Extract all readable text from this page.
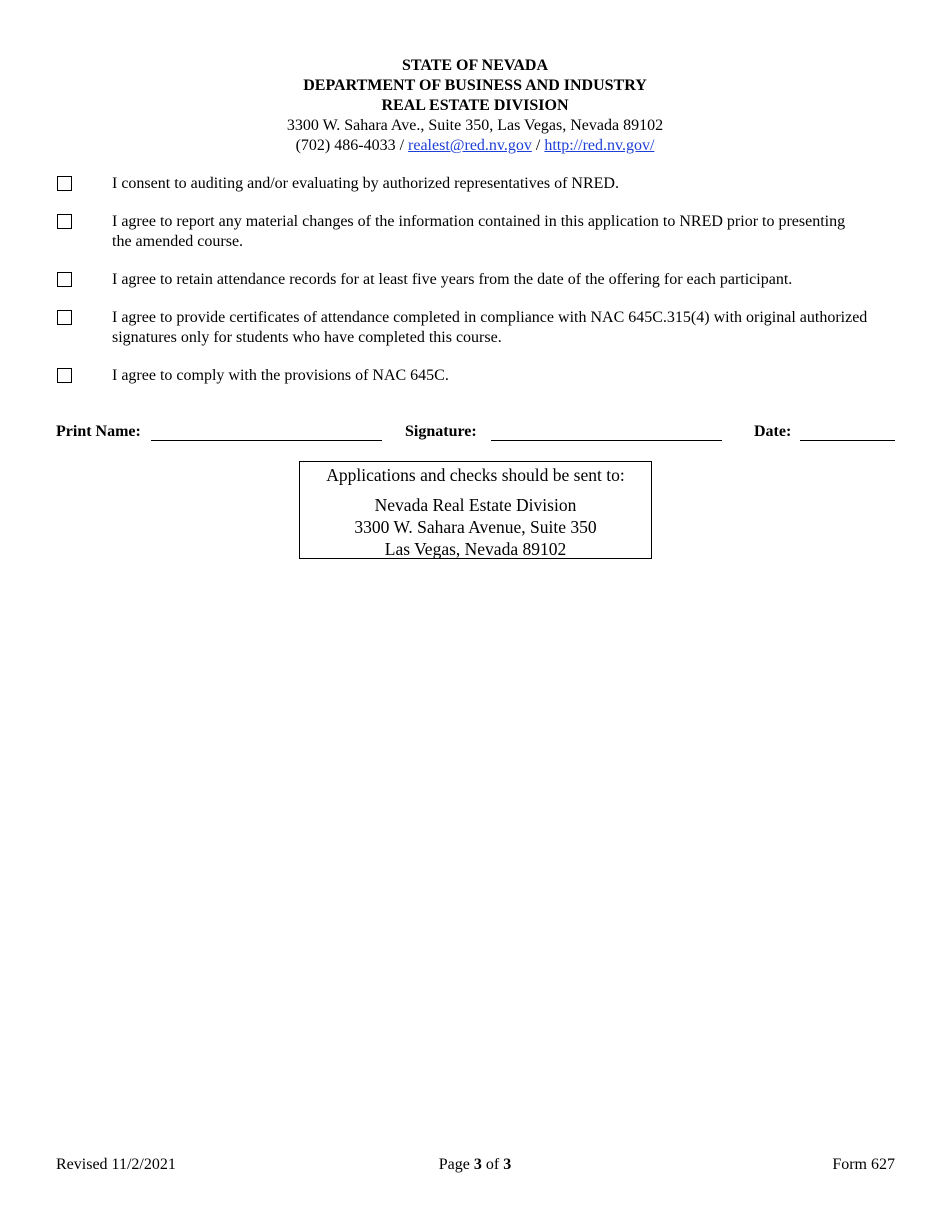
STATE OF NEVADA
DEPARTMENT OF BUSINESS AND INDUSTRY
REAL ESTATE DIVISION
3300 W. Sahara Ave., Suite 350, Las Vegas, Nevada 89102
(702) 486-4033 / realest@red.nv.gov / http://red.nv.gov/
I consent to auditing and/or evaluating by authorized representatives of NRED.
I agree to report any material changes of the information contained in this application to NRED prior to presenting the amended course.
I agree to retain attendance records for at least five years from the date of the offering for each participant.
I agree to provide certificates of attendance completed in compliance with NAC 645C.315(4) with original authorized signatures only for students who have completed this course.
I agree to comply with the provisions of NAC 645C.
Print Name:	Signature:	Date:
Applications and checks should be sent to:
Nevada Real Estate Division
3300 W. Sahara Avenue, Suite 350
Las Vegas, Nevada 89102
Revised 11/2/2021	Page 3 of 3	Form 627
